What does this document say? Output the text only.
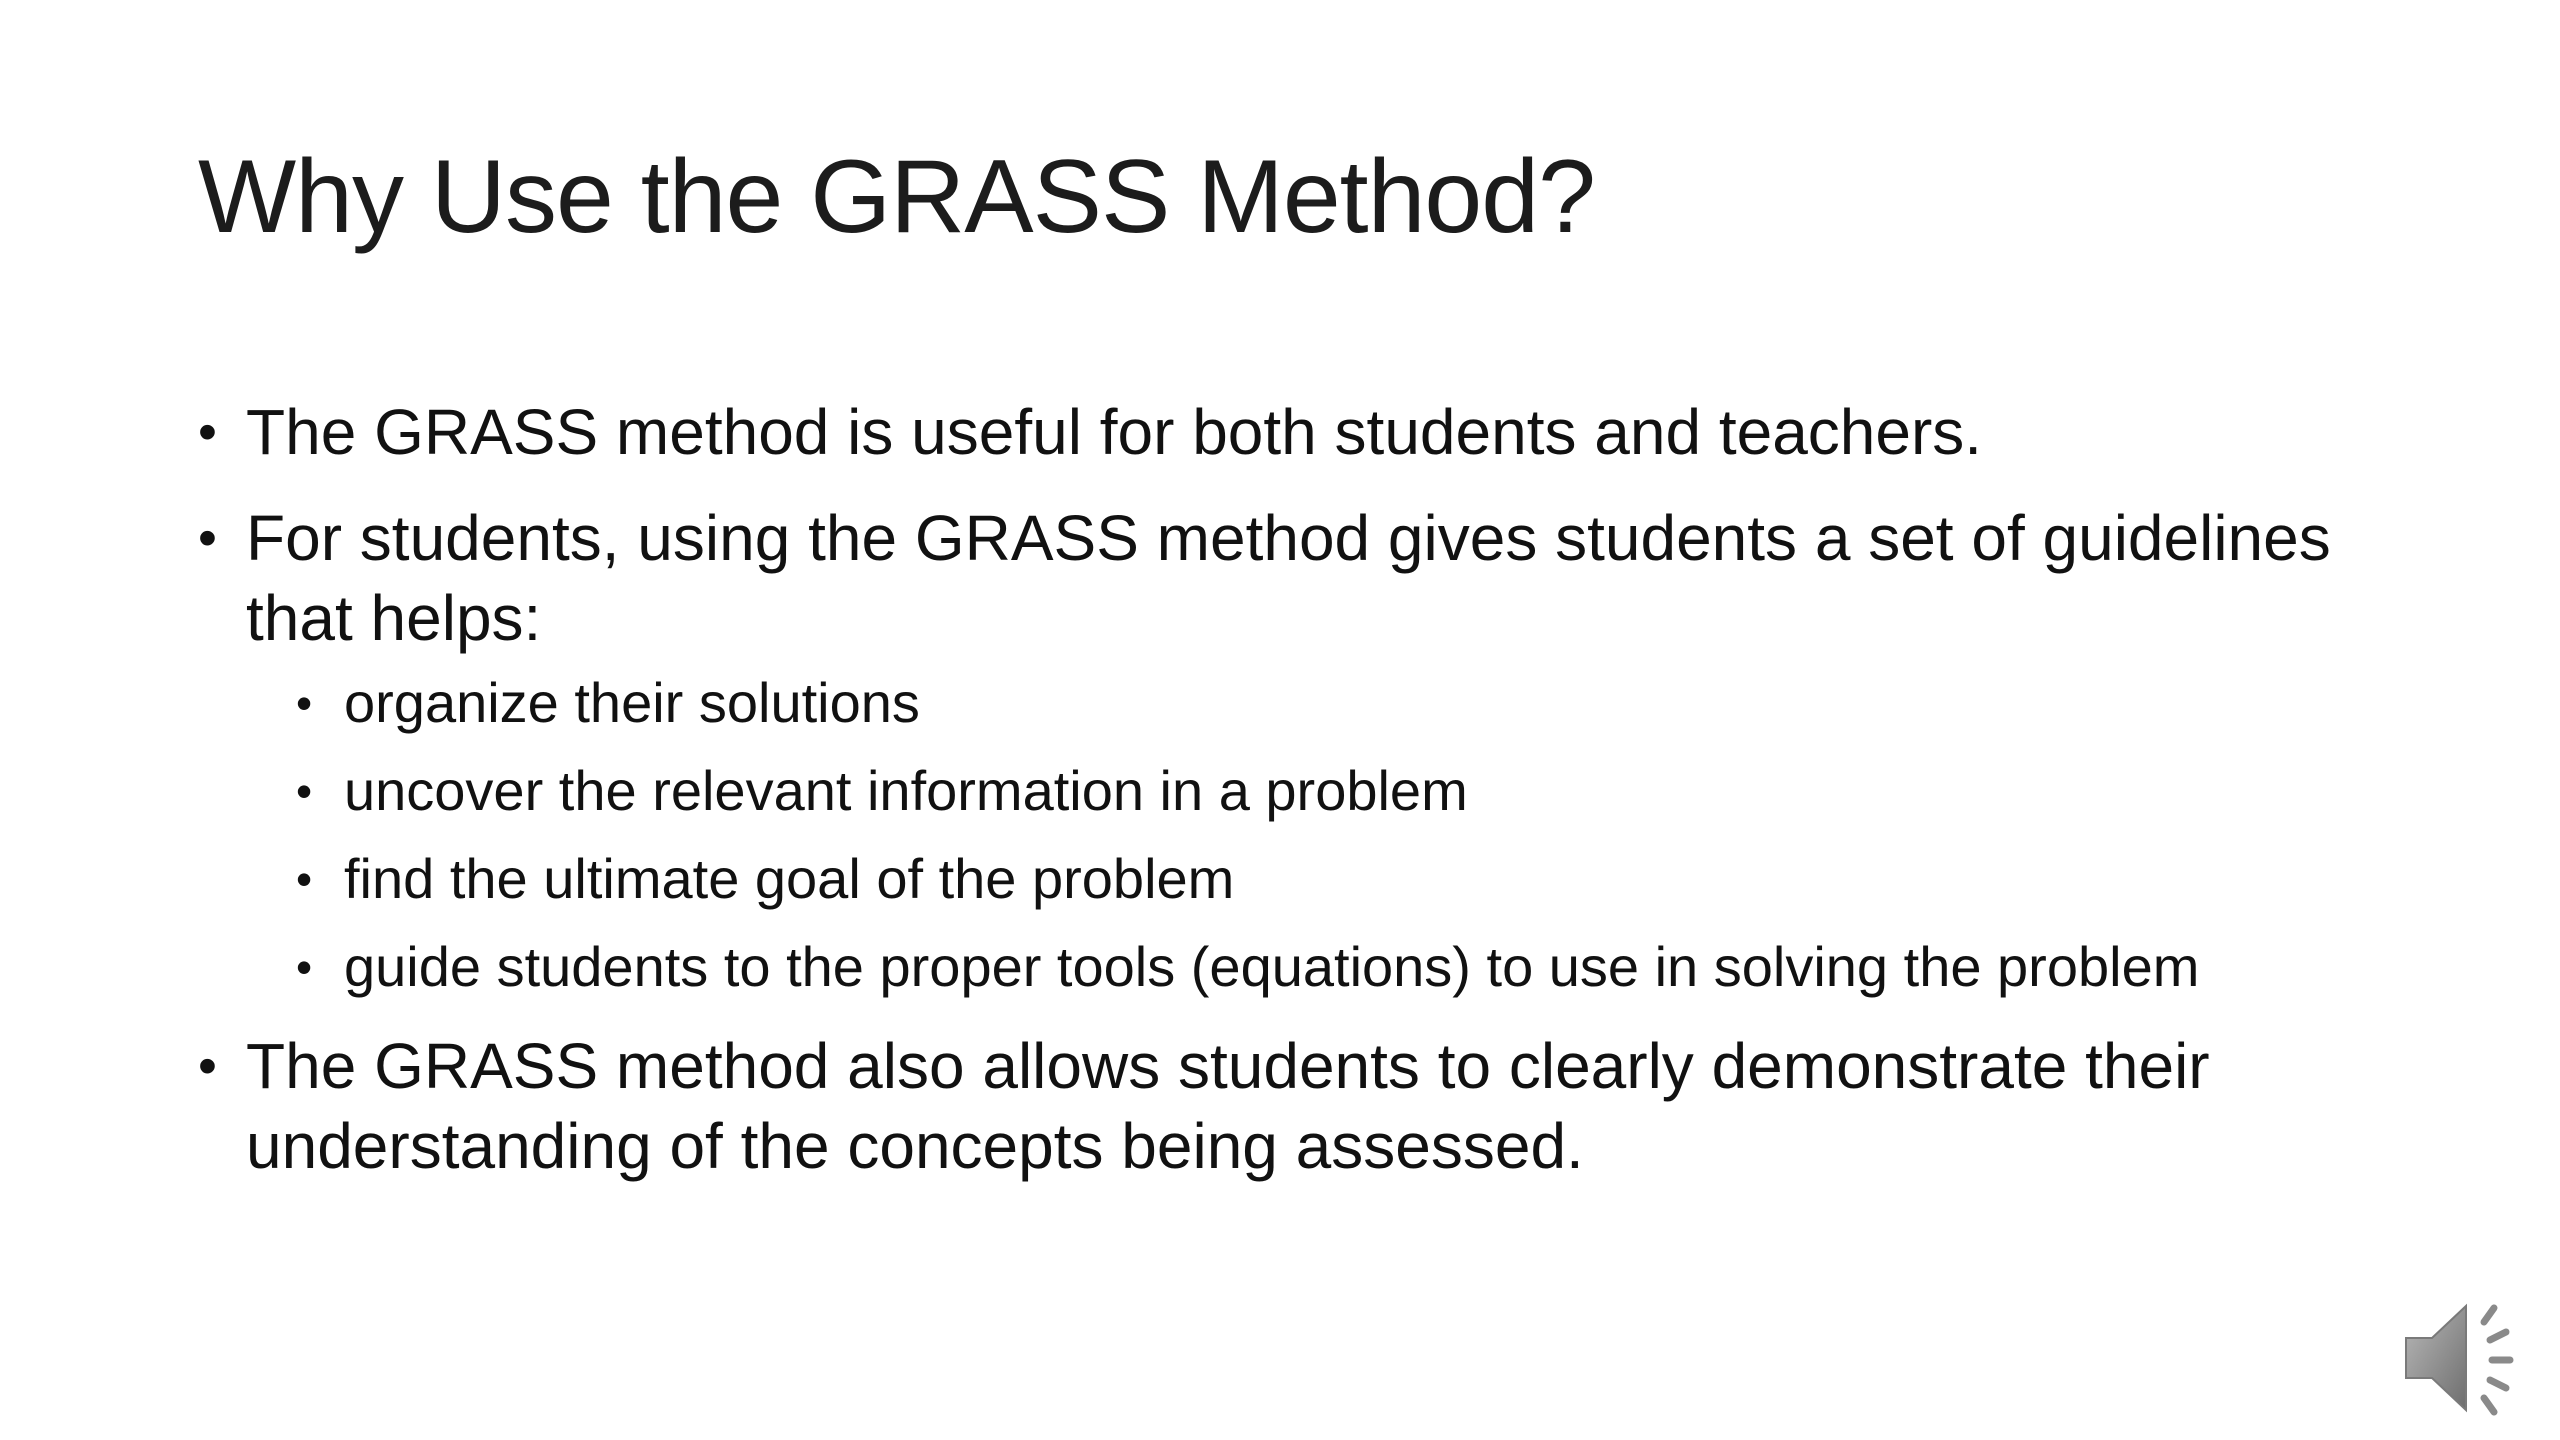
Why Use the GRASS Method?
• The GRASS method is useful for both students and teachers.
• For students, using the GRASS method gives students a set of guidelines that helps:
• organize their solutions
• uncover the relevant information in a problem
• find the ultimate goal of the problem
• guide students to the proper tools (equations) to use in solving the problem
• The GRASS method also allows students to clearly demonstrate their understanding of the concepts being assessed.
